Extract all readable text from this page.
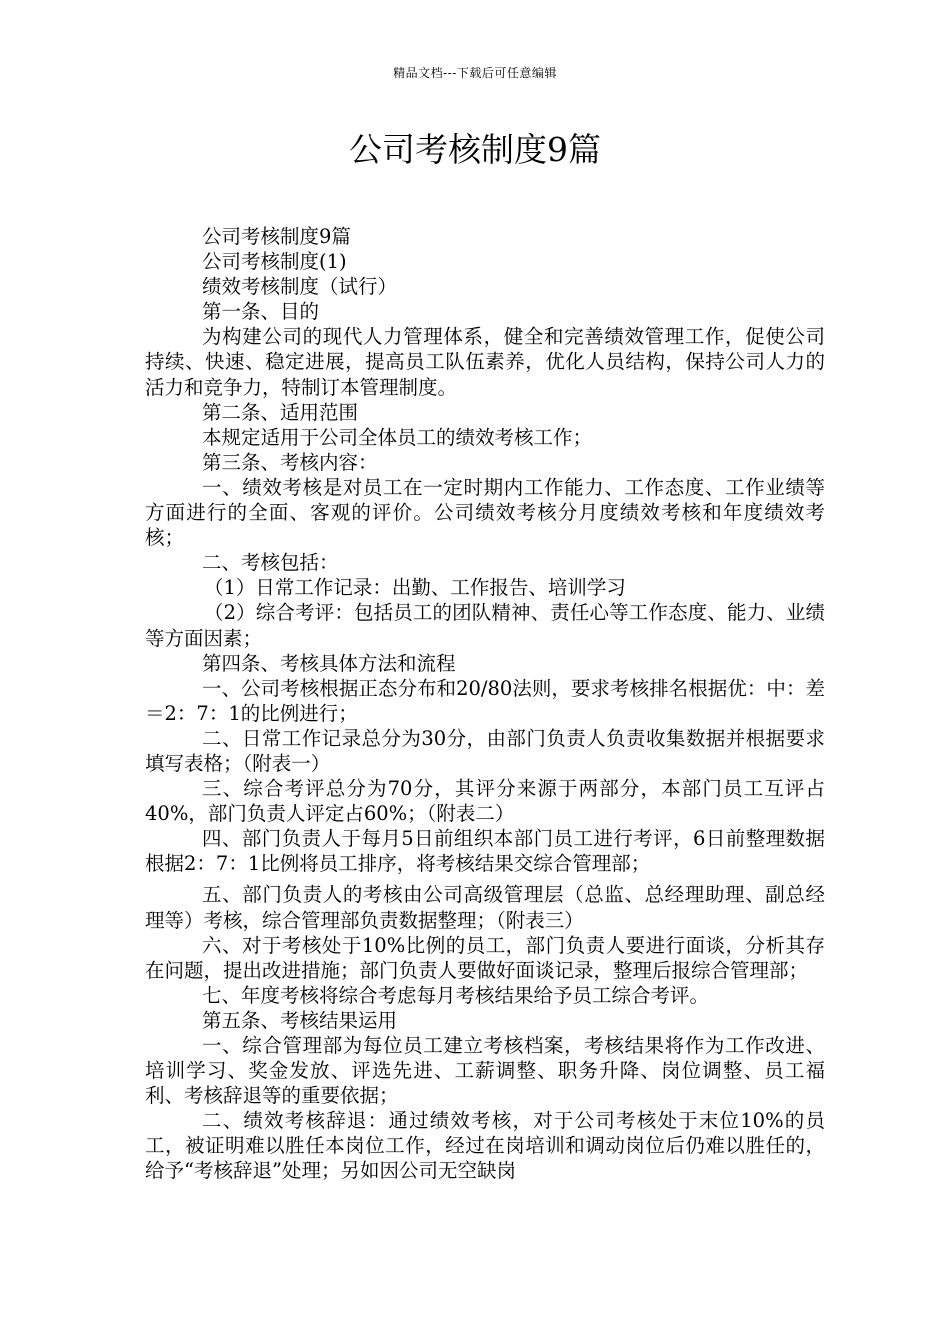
精品文档---下载后可任意编辑
公司考核制度9篇

公司考核制度9篇

公司考核制度(1)

绩效考核制度（试行）

第一条、目的

为构建公司的现代人力管理体系，健全和完善绩效管理工作，促使公司持续、快速、稳定进展，提高员工队伍素养，优化人员结构，保持公司人力的活力和竞争力，特制订本管理制度。

第二条、适用范围

本规定适用于公司全体员工的绩效考核工作；

第三条、考核内容：

一、绩效考核是对员工在一定时期内工作能力、工作态度、工作业绩等方面进行的全面、客观的评价。公司绩效考核分月度绩效考核和年度绩效考核；

二、考核包括：

（1）日常工作记录：出勤、工作报告、培训学习

（2）综合考评：包括员工的团队精神、责任心等工作态度、能力、业绩等方面因素；

第四条、考核具体方法和流程

一、公司考核根据正态分布和20/80法则，要求考核排名根据优：中：差＝2：7：1的比例进行；

二、日常工作记录总分为30分，由部门负责人负责收集数据并根据要求填写表格；（附表一）

三、综合考评总分为70分，其评分来源于两部分，本部门员工互评占40%，部门负责人评定占60%；（附表二）

四、部门负责人于每月5日前组织本部门员工进行考评，6日前整理数据根据2：7：1比例将员工排序，将考核结果交综合管理部；

五、部门负责人的考核由公司高级管理层（总监、总经理助理、副总经理等）考核，综合管理部负责数据整理；（附表三）

六、对于考核处于10%比例的员工，部门负责人要进行面谈，分析其存在问题，提出改进措施；部门负责人要做好面谈记录，整理后报综合管理部；

七、年度考核将综合考虑每月考核结果给予员工综合考评。

第五条、考核结果运用

一、综合管理部为每位员工建立考核档案，考核结果将作为工作改进、培训学习、奖金发放、评选先进、工薪调整、职务升降、岗位调整、员工福利、考核辞退等的重要依据；

二、绩效考核辞退：通过绩效考核，对于公司考核处于末位10%的员工，被证明难以胜任本岗位工作，经过在岗培训和调动岗位后仍难以胜任的，给予“考核辞退”处理；另如因公司无空缺岗
